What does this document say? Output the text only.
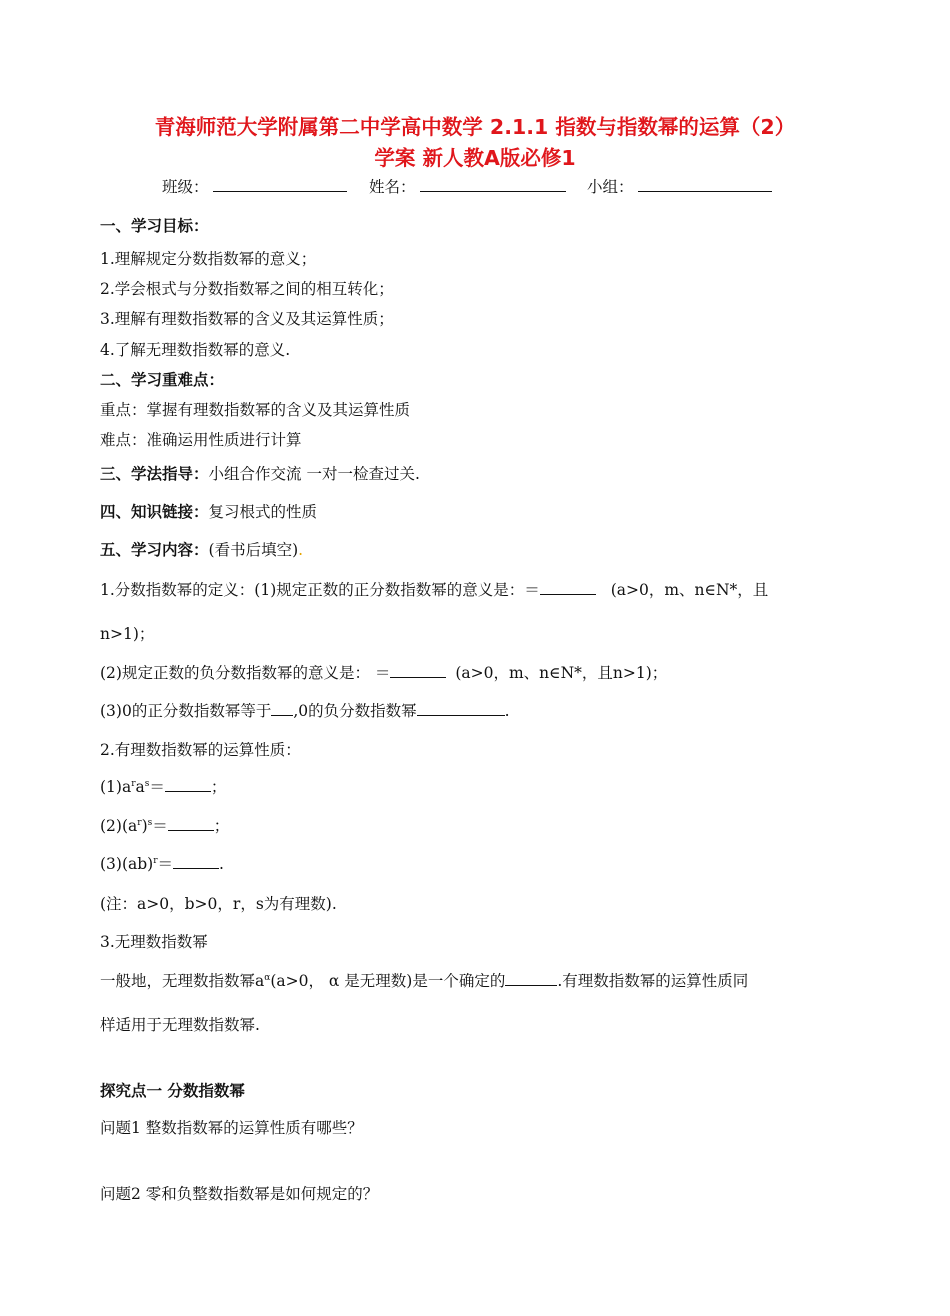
青海师范大学附属第二中学高中数学 2.1.1 指数与指数幂的运算（2）
学案 新人教A版必修1
班级：	姓名：	小组：
一、学习目标：
1.理解规定分数指数幂的意义；
2.学会根式与分数指数幂之间的相互转化；
3.理解有理数指数幂的含义及其运算性质；
4.了解无理数指数幂的意义.
二、学习重难点：
重点：掌握有理数指数幂的含义及其运算性质
难点：准确运用性质进行计算
三、学法指导：小组合作交流 一对一检查过关.
四、知识链接：复习根式的性质
五、学习内容：(看书后填空).
1.分数指数幂的定义：(1)规定正数的正分数指数幂的意义是：＝	(a>0，m、n∈N*，且
n>1)；
(2)规定正数的负分数指数幂的意义是： ＝	(a>0，m、n∈N*，且n>1)；
(3)0的正分数指数幂等于 ,0的负分数指数幂	.
2.有理数指数幂的运算性质：
$(1)a^ra^s=$	；
$(2)(a^r)^s=$	；
(3)(ab)$^r$＝	.
(注：a>0，b>0，r，s为有理数).
3.无理数指数幂
一般地，无理数指数幂$a^\alpha(a>0$， α 是无理数)是一个确定的	.有理数指数幂的运算性质同
样适用于无理数指数幂.
探究点一 分数指数幂
问题1 整数指数幂的运算性质有哪些？
问题2 零和负整数指数幂是如何规定的？
